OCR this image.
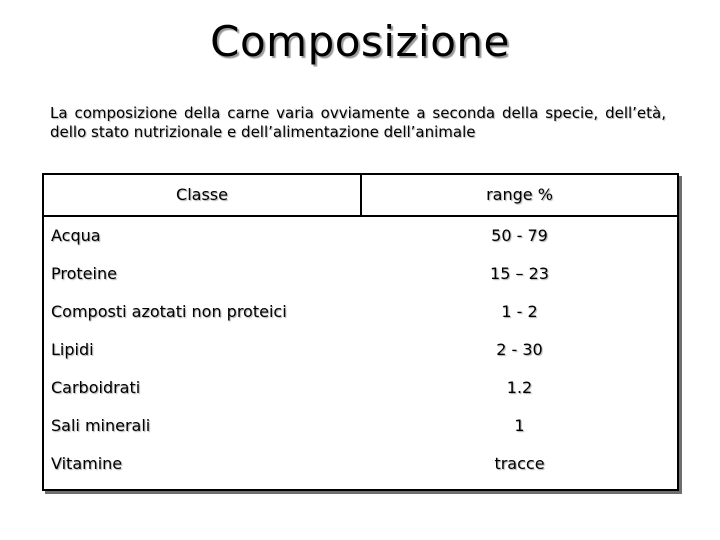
Composizione
La composizione della carne varia ovviamente a seconda della specie, dell’età, dello stato nutrizionale e dell’alimentazione dell’animale
Classe	range %
Acqua	50 - 79
Proteine	15 – 23
Composti azotati non proteici	1 - 2
Lipidi	2 - 30
Carboidrati	1.2
Sali minerali	1
Vitamine	tracce
